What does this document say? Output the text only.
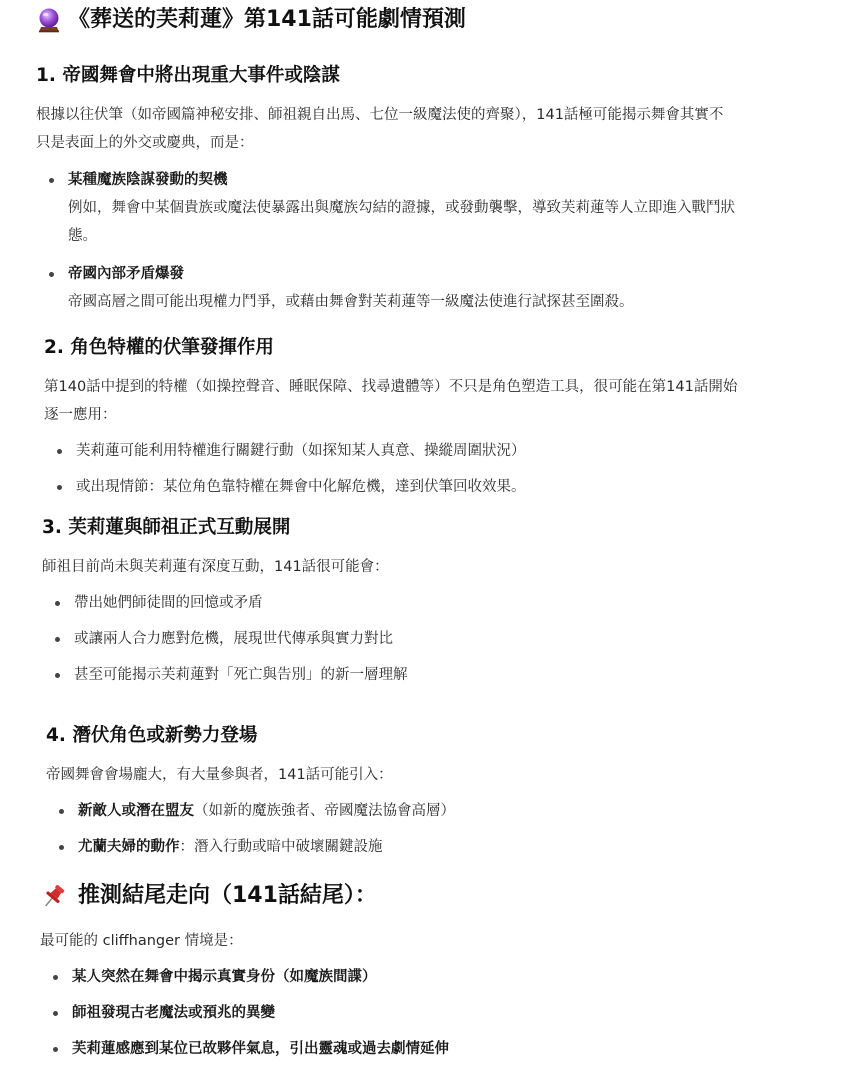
《葬送的芙莉蓮》第141話可能劇情預測
1. 帝國舞會中將出現重大事件或陰謀
根據以往伏筆（如帝國篇神秘安排、師祖親自出馬、七位一級魔法使的齊聚），141話極可能揭示舞會其實不
只是表面上的外交或慶典，而是：
某種魔族陰謀發動的契機
例如，舞會中某個貴族或魔法使暴露出與魔族勾結的證據，或發動襲擊，導致芙莉蓮等人立即進入戰鬥狀
態。
帝國內部矛盾爆發
帝國高層之間可能出現權力鬥爭，或藉由舞會對芙莉蓮等一級魔法使進行試探甚至圍殺。
2. 角色特權的伏筆發揮作用
第140話中提到的特權（如操控聲音、睡眠保障、找尋遺體等）不只是角色塑造工具，很可能在第141話開始
逐一應用：
芙莉蓮可能利用特權進行關鍵行動（如探知某人真意、操縱周圍狀況）
或出現情節：某位角色靠特權在舞會中化解危機，達到伏筆回收效果。
3. 芙莉蓮與師祖正式互動展開
師祖目前尚未與芙莉蓮有深度互動，141話很可能會：
帶出她們師徒間的回憶或矛盾
或讓兩人合力應對危機，展現世代傳承與實力對比
甚至可能揭示芙莉蓮對「死亡與告別」的新一層理解
4. 潛伏角色或新勢力登場
帝國舞會會場龐大，有大量參與者，141話可能引入：
新敵人或潛在盟友（如新的魔族強者、帝國魔法協會高層）
尤蘭夫婦的動作：潛入行動或暗中破壞關鍵設施
推測結尾走向（141話結尾）：
最可能的 cliffhanger 情境是：
某人突然在舞會中揭示真實身份（如魔族間諜）
師祖發現古老魔法或預兆的異變
芙莉蓮感應到某位已故夥伴氣息，引出靈魂或過去劇情延伸
